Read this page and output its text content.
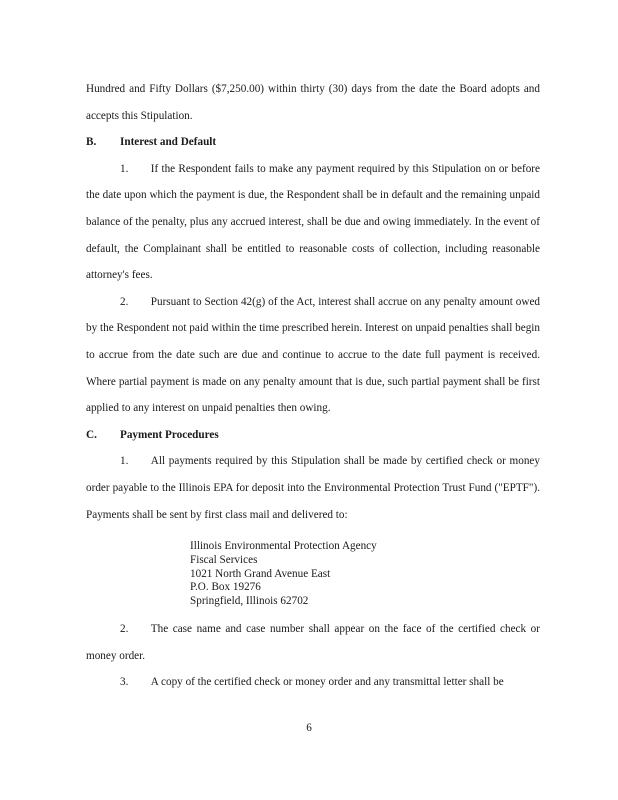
Hundred and Fifty Dollars ($7,250.00) within thirty (30) days from the date the Board adopts and accepts this Stipulation.

B. Interest and Default

1.  If the Respondent fails to make any payment required by this Stipulation on or before the date upon which the payment is due, the Respondent shall be in default and the remaining unpaid balance of the penalty, plus any accrued interest, shall be due and owing immediately. In the event of default, the Complainant shall be entitled to reasonable costs of collection, including reasonable attorney's fees.

2.  Pursuant to Section 42(g) of the Act, interest shall accrue on any penalty amount owed by the Respondent not paid within the time prescribed herein. Interest on unpaid penalties shall begin to accrue from the date such are due and continue to accrue to the date full payment is received. Where partial payment is made on any penalty amount that is due, such partial payment shall be first applied to any interest on unpaid penalties then owing.

C. Payment Procedures

1.  All payments required by this Stipulation shall be made by certified check or money order payable to the Illinois EPA for deposit into the Environmental Protection Trust Fund ("EPTF"). Payments shall be sent by first class mail and delivered to:

Illinois Environmental Protection Agency
Fiscal Services
1021 North Grand Avenue East
P.O. Box 19276
Springfield, Illinois 62702

2.  The case name and case number shall appear on the face of the certified check or money order.

3.  A copy of the certified check or money order and any transmittal letter shall be

6
